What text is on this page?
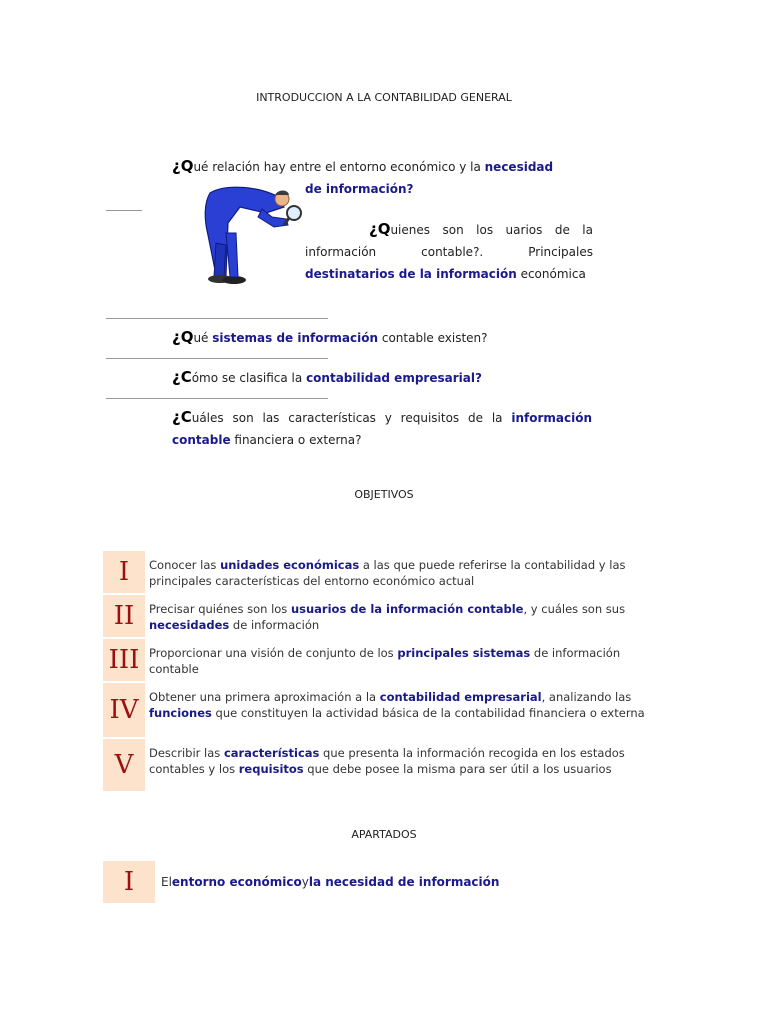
INTRODUCCION A LA CONTABILIDAD GENERAL
¿Qué relación hay entre el entorno económico y la necesidad
de información?
¿Quienes son los uarios de la información contable?. Principales destinatarios de la información económica
¿Qué sistemas de información contable existen?
¿Cómo se clasifica la contabilidad empresarial?
¿Cuáles son las características y requisitos de la información contable financiera o externa?
OBJETIVOS
I	Conocer las unidades económicas a las que puede referirse la contabilidad y las principales características del entorno económico actual
II	Precisar quiénes son los usuarios de la información contable, y cuáles son sus necesidades de información
III Proporcionar una visión de conjunto de los principales sistemas de información contable
IV Obtener una primera aproximación a la contabilidad empresarial, analizando las funciones que constituyen la actividad básica de la contabilidad financiera o externa
V	Describir las características que presenta la información recogida en los estados contables y los requisitos que debe posee la misma para ser útil a los usuarios
APARTADOS
I	El entorno económico y la necesidad de información
